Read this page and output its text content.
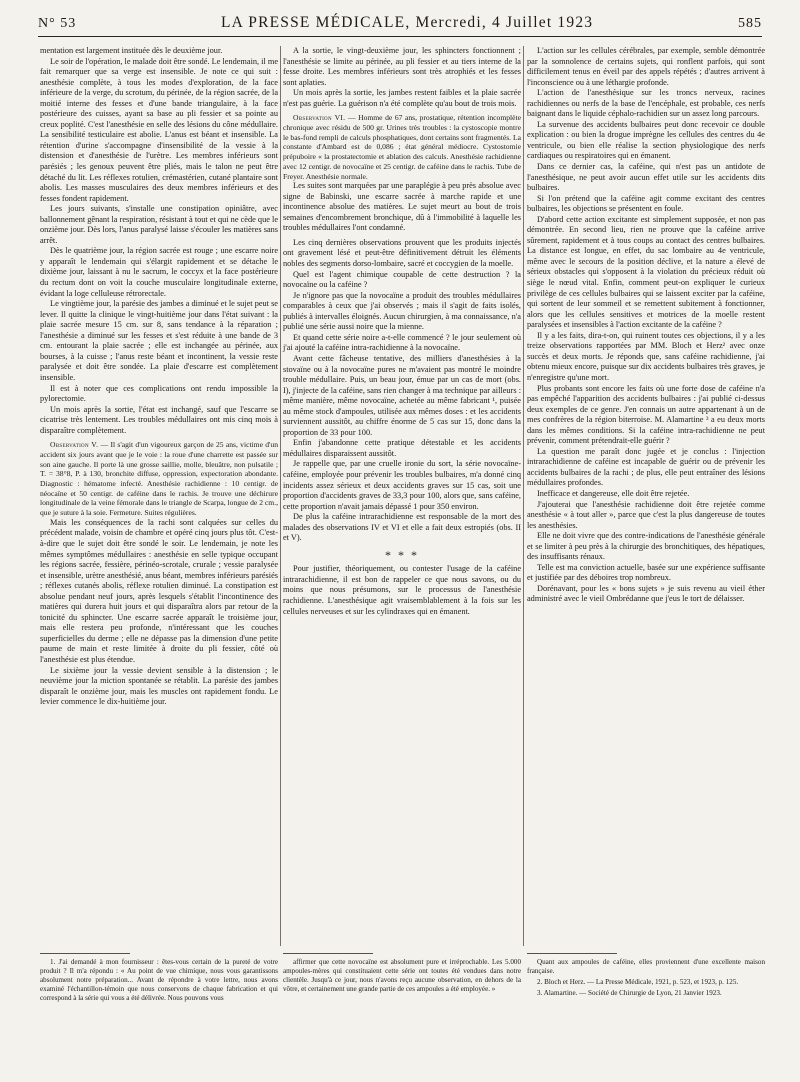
N° 53	LA PRESSE MÉDICALE, Mercredi, 4 Juillet 1923	585

mentation est largement instituée dès le deuxième jour.

Le soir de l'opération, le malade doit être sondé. Le lendemain, il me fait remarquer que sa verge est insensible. Je note ce qui suit : anesthésie complète, à tous les modes d'exploration, de la face inférieure de la verge, du scrotum, du périnée, de la région sacrée, de la moitié interne des fesses et d'une bande triangulaire, à la face postérieure des cuisses, ayant sa base au pli fessier et sa pointe au creux poplité. C'est l'anesthésie en selle des lésions du cône médullaire. La sensibilité testiculaire est abolie. L'anus est béant et insensible. La rétention d'urine s'accompagne d'insensibilité de la vessie à la distension et d'anesthésie de l'urètre. Les membres inférieurs sont parésiés ; les genoux peuvent être pliés, mais le talon ne peut être détaché du lit. Les réflexes rotulien, crémastérien, cutané plantaire sont abolis. Les masses musculaires des deux membres inférieurs et des fesses fondent rapidement.

Les jours suivants, s'installe une constipation opiniâtre, avec ballonnement gênant la respiration, résistant à tout et qui ne cède que le onzième jour. Dès lors, l'anus paralysé laisse s'écouler les matières sans arrêt.

Dès le quatrième jour, la région sacrée est rouge ; une escarre noire y apparaît le lendemain qui s'élargit rapidement et se détache le dixième jour, laissant à nu le sacrum, le coccyx et la face postérieure du rectum dont on voit la couche musculaire longitudinale externe, évidant la loge celluleuse rétrorectale.

Le vingtième jour, la parésie des jambes a diminué et le sujet peut se lever. Il quitte la clinique le vingt-huitième jour dans l'état suivant : la plaie sacrée mesure 15 cm. sur 8, sans tendance à la réparation ; l'anesthésie a diminué sur les fesses et s'est réduite à une bande de 3 cm. entourant la plaie sacrée ; elle est inchangée au périnée, aux bourses, à la cuisse ; l'anus reste béant et incontinent, la vessie reste paralysée et doit être sondée. La plaie d'escarre est complètement insensible.

Il est à noter que ces complications ont rendu impossible la pylorectomie.

Un mois après la sortie, l'état est inchangé, sauf que l'escarre se cicatrise très lentement. Les troubles médullaires ont mis cinq mois à disparaître complètement.

Observation V. — Il s'agit d'un vigoureux garçon de 25 ans, victime d'un accident six jours avant que je le voie : la roue d'une charrette est passée sur son aine gauche. Il porte là une grosse saillie, molle, bleuâtre, non pulsatile ; T. = 38°8, P. à 130, bronchite diffuse, oppression, expectoration abondante. Diagnostic : hématome infecté. Anesthésie rachidienne : 10 centigr. de néocaïne et 50 centigr. de caféine dans le rachis. Je trouve une déchirure longitudinale de la veine fémorale dans le triangle de Scarpa, longue de 2 cm., que je suture à la soie. Fermeture. Suites régulières.

Mais les conséquences de la rachi sont calquées sur celles du précédent malade, voisin de chambre et opéré cinq jours plus tôt. C'est-à-dire que le sujet doit être sondé le soir. Le lendemain, je note les mêmes symptômes médullaires : anesthésie en selle typique occupant les régions sacrée, fessière, périnéo-scrotale, crurale ; vessie paralysée et insensible, urètre anesthésié, anus béant, membres inférieurs parésiés ; réflexes cutanés abolis, réflexe rotulien diminué. La constipation est absolue pendant neuf jours, après lesquels s'établit l'incontinence des matières qui durera huit jours et qui disparaîtra alors par retour de la tonicité du sphincter. Une escarre sacrée apparaît le troisième jour, mais elle restera peu profonde, n'intéressant que les couches superficielles du derme ; elle ne dépasse pas la dimension d'une petite paume de main et reste limitée à droite du pli fessier, côté où l'anesthésie est plus étendue.

Le sixième jour la vessie devient sensible à la distension ; le neuvième jour la miction spontanée se rétablit. La parésie des jambes disparaît le onzième jour, mais les muscles ont rapidement fondu. Le levier commence le dix-huitième jour.

A la sortie, le vingt-deuxième jour, les sphincters fonctionnent ; l'anesthésie se limite au périnée, au pli fessier et au tiers interne de la fesse droite. Les membres inférieurs sont très atrophiés et les fesses sont aplaties.

Un mois après la sortie, les jambes restent faibles et la plaie sacrée n'est pas guérie. La guérison n'a été complète qu'au bout de trois mois.

Observation VI. — Homme de 67 ans, prostatique, rétention incomplète chronique avec résidu de 500 gr. Urines très troubles : la cystoscopie montre le bas-fond rempli de calculs phosphatiques, dont certains sont fragmentés. La constante d'Ambard est de 0,086 ; état général médiocre. Cystostomie prépuboire « la prostatectomie et ablation des calculs. Anesthésie rachidienne avec 12 centigr. de novocaïne et 25 centigr. de caféine dans le rachis. Tube de Freyer. Anesthésie normale.

Les suites sont marquées par une paraplégie à peu près absolue avec signe de Babinski, une escarre sacrée à marche rapide et une incontinence absolue des matières. Le sujet meurt au bout de trois semaines d'encombrement bronchique, dû à l'immobilité à laquelle les troubles médullaires l'ont condamné.

Les cinq dernières observations prouvent que les produits injectés ont gravement lésé et peut-être définitivement détruit les éléments nobles des segments dorso-lombaire, sacré et coccygien de la moelle.

Quel est l'agent chimique coupable de cette destruction ? la novocaïne ou la caféine ?

Je n'ignore pas que la novocaïne a produit des troubles médullaires comparables à ceux que j'ai observés ; mais il s'agit de faits isolés, publiés à intervalles éloignés. Aucun chirurgien, à ma connaissance, n'a publié une série aussi noire que la mienne.

Et quand cette série noire a-t-elle commencé ? le jour seulement où j'ai ajouté la caféine intra-rachidienne à la novocaïne.

Avant cette fâcheuse tentative, des milliers d'anesthésies à la stovaïne ou à la novocaïne pures ne m'avaient pas montré le moindre trouble médullaire. Puis, un beau jour, émue par un cas de mort (obs. I), j'injecte de la caféine, sans rien changer à ma technique par ailleurs : même manière, même novocaïne, achetée au même fabricant ¹, puisée au même stock d'ampoules, utilisée aux mêmes doses : et les accidents surviennent aussitôt, au chiffre énorme de 5 cas sur 15, donc dans la proportion de 33 pour 100.

Enfin j'abandonne cette pratique détestable et les accidents médullaires disparaissent aussitôt.

Je rappelle que, par une cruelle ironie du sort, la série novocaïne-caféine, employée pour prévenir les troubles bulbaires, m'a donné cinq incidents assez sérieux et deux accidents graves sur 15 cas, soit une proportion d'accidents graves de 33,3 pour 100, alors que, sans caféine, cette proportion n'avait jamais dépassé 1 pour 350 environ.

De plus la caféine intrarachidienne est responsable de la mort des malades des observations IV et VI et elle a fait deux estropiés (obs. II et V).

* * *

Pour justifier, théoriquement, ou contester l'usage de la caféine intrarachidienne, il est bon de rappeler ce que nous savons, ou du moins que nous présumons, sur le processus de l'anesthésie rachidienne. L'anesthésique agit vraisemblablement à la fois sur les cellules nerveuses et sur les cylindraxes qui en émanent.

L'action sur les cellules cérébrales, par exemple, semble démontrée par la somnolence de certains sujets, qui ronflent parfois, qui sont difficilement tenus en éveil par des appels répétés ; d'autres arrivent à l'inconscience ou à une léthargie profonde.

L'action de l'anesthésique sur les troncs nerveux, racines rachidiennes ou nerfs de la base de l'encéphale, est probable, ces nerfs baignant dans le liquide céphalo-rachidien sur un assez long parcours.

La survenue des accidents bulbaires peut donc recevoir ce double explication : ou bien la drogue imprègne les cellules des centres du 4e ventricule, ou bien elle réalise la section physiologique des nerfs cardiaques ou respiratoires qui en émanent.

Dans ce dernier cas, la caféine, qui n'est pas un antidote de l'anesthésique, ne peut avoir aucun effet utile sur les accidents dits bulbaires.

Si l'on prétend que la caféine agit comme excitant des centres bulbaires, les objections se présentent en foule.

D'abord cette action excitante est simplement supposée, et non pas démontrée. En second lieu, rien ne prouve que la caféine arrive sûrement, rapidement et à tous coups au contact des centres bulbaires. La distance est longue, en effet, du sac lombaire au 4e ventricule, même avec le secours de la position déclive, et la nature a élevé de sérieux obstacles qui s'opposent à la violation du précieux réduit où siège le nœud vital. Enfin, comment peut-on expliquer le curieux privilège de ces cellules bulbaires qui se laissent exciter par la caféine, qui sortent de leur sommeil et se remettent subitement à fonctionner, alors que les cellules sensitives et motrices de la moelle restent paralysées et insensibles à l'action excitante de la caféine ?

Il y a les faits, dira-t-on, qui ruinent toutes ces objections, il y a les treize observations rapportées par MM. Bloch et Herz² avec onze succès et deux morts. Je réponds que, sans caféine rachidienne, j'ai obtenu mieux encore, puisque sur dix accidents bulbaires très graves, je n'enregistre qu'une mort.

Plus probants sont encore les faits où une forte dose de caféine n'a pas empêché l'apparition des accidents bulbaires : j'ai publié ci-dessus deux exemples de ce genre. J'en connais un autre appartenant à un de mes confrères de la région biterroise. M. Alamartine ³ a eu deux morts dans les mêmes conditions. Si la caféine intra-rachidienne ne peut prévenir, comment prétendrait-elle guérir ?

La question me paraît donc jugée et je conclus : l'injection intrarachidienne de caféine est incapable de guérir ou de prévenir les accidents bulbaires de la rachi ; de plus, elle peut entraîner des lésions médullaires profondes.

Inefficace et dangereuse, elle doit être rejetée.

J'ajouterai que l'anesthésie rachidienne doit être rejetée comme anesthésie « à tout aller », parce que c'est la plus dangereuse de toutes les anesthésies.

Elle ne doit vivre que des contre-indications de l'anesthésie générale et se limiter à peu près à la chirurgie des bronchitiques, des hépatiques, des insuffisants rénaux.

Telle est ma conviction actuelle, basée sur une expérience suffisante et justifiée par des déboires trop nombreux.

Dorénavant, pour les « bons sujets » je suis revenu au vieil éther administré avec le vieil Ombrédanne que j'eus le tort de délaisser.

1. J'ai demandé à mon fournisseur : êtes-vous certain de la pureté de votre produit ? Il m'a répondu : « Au point de vue chimique, nous vous garantissons absolument notre préparation... Avant de répondre à votre lettre, nous avons examiné l'échantillon-témoin que nous conservons de chaque fabrication et qui correspond à la série qui vous a été délivrée. Nous pouvons vous

affirmer que cette novocaïne est absolument pure et irréprochable. Les 5.000 ampoules-mères qui constituaient cette série ont toutes été vendues dans notre clientèle. Jusqu'à ce jour, nous n'avons reçu aucune observation, en dehors de la vôtre, et certainement une grande partie de ces ampoules a été employée. »

Quant aux ampoules de caféine, elles proviennent d'une excellente maison française.

2. Bloch et Herz. — La Presse Médicale, 1921, p. 523, et 1923, p. 125.

3. Alamartine. — Société de Chirurgie de Lyon, 21 Janvier 1923.
